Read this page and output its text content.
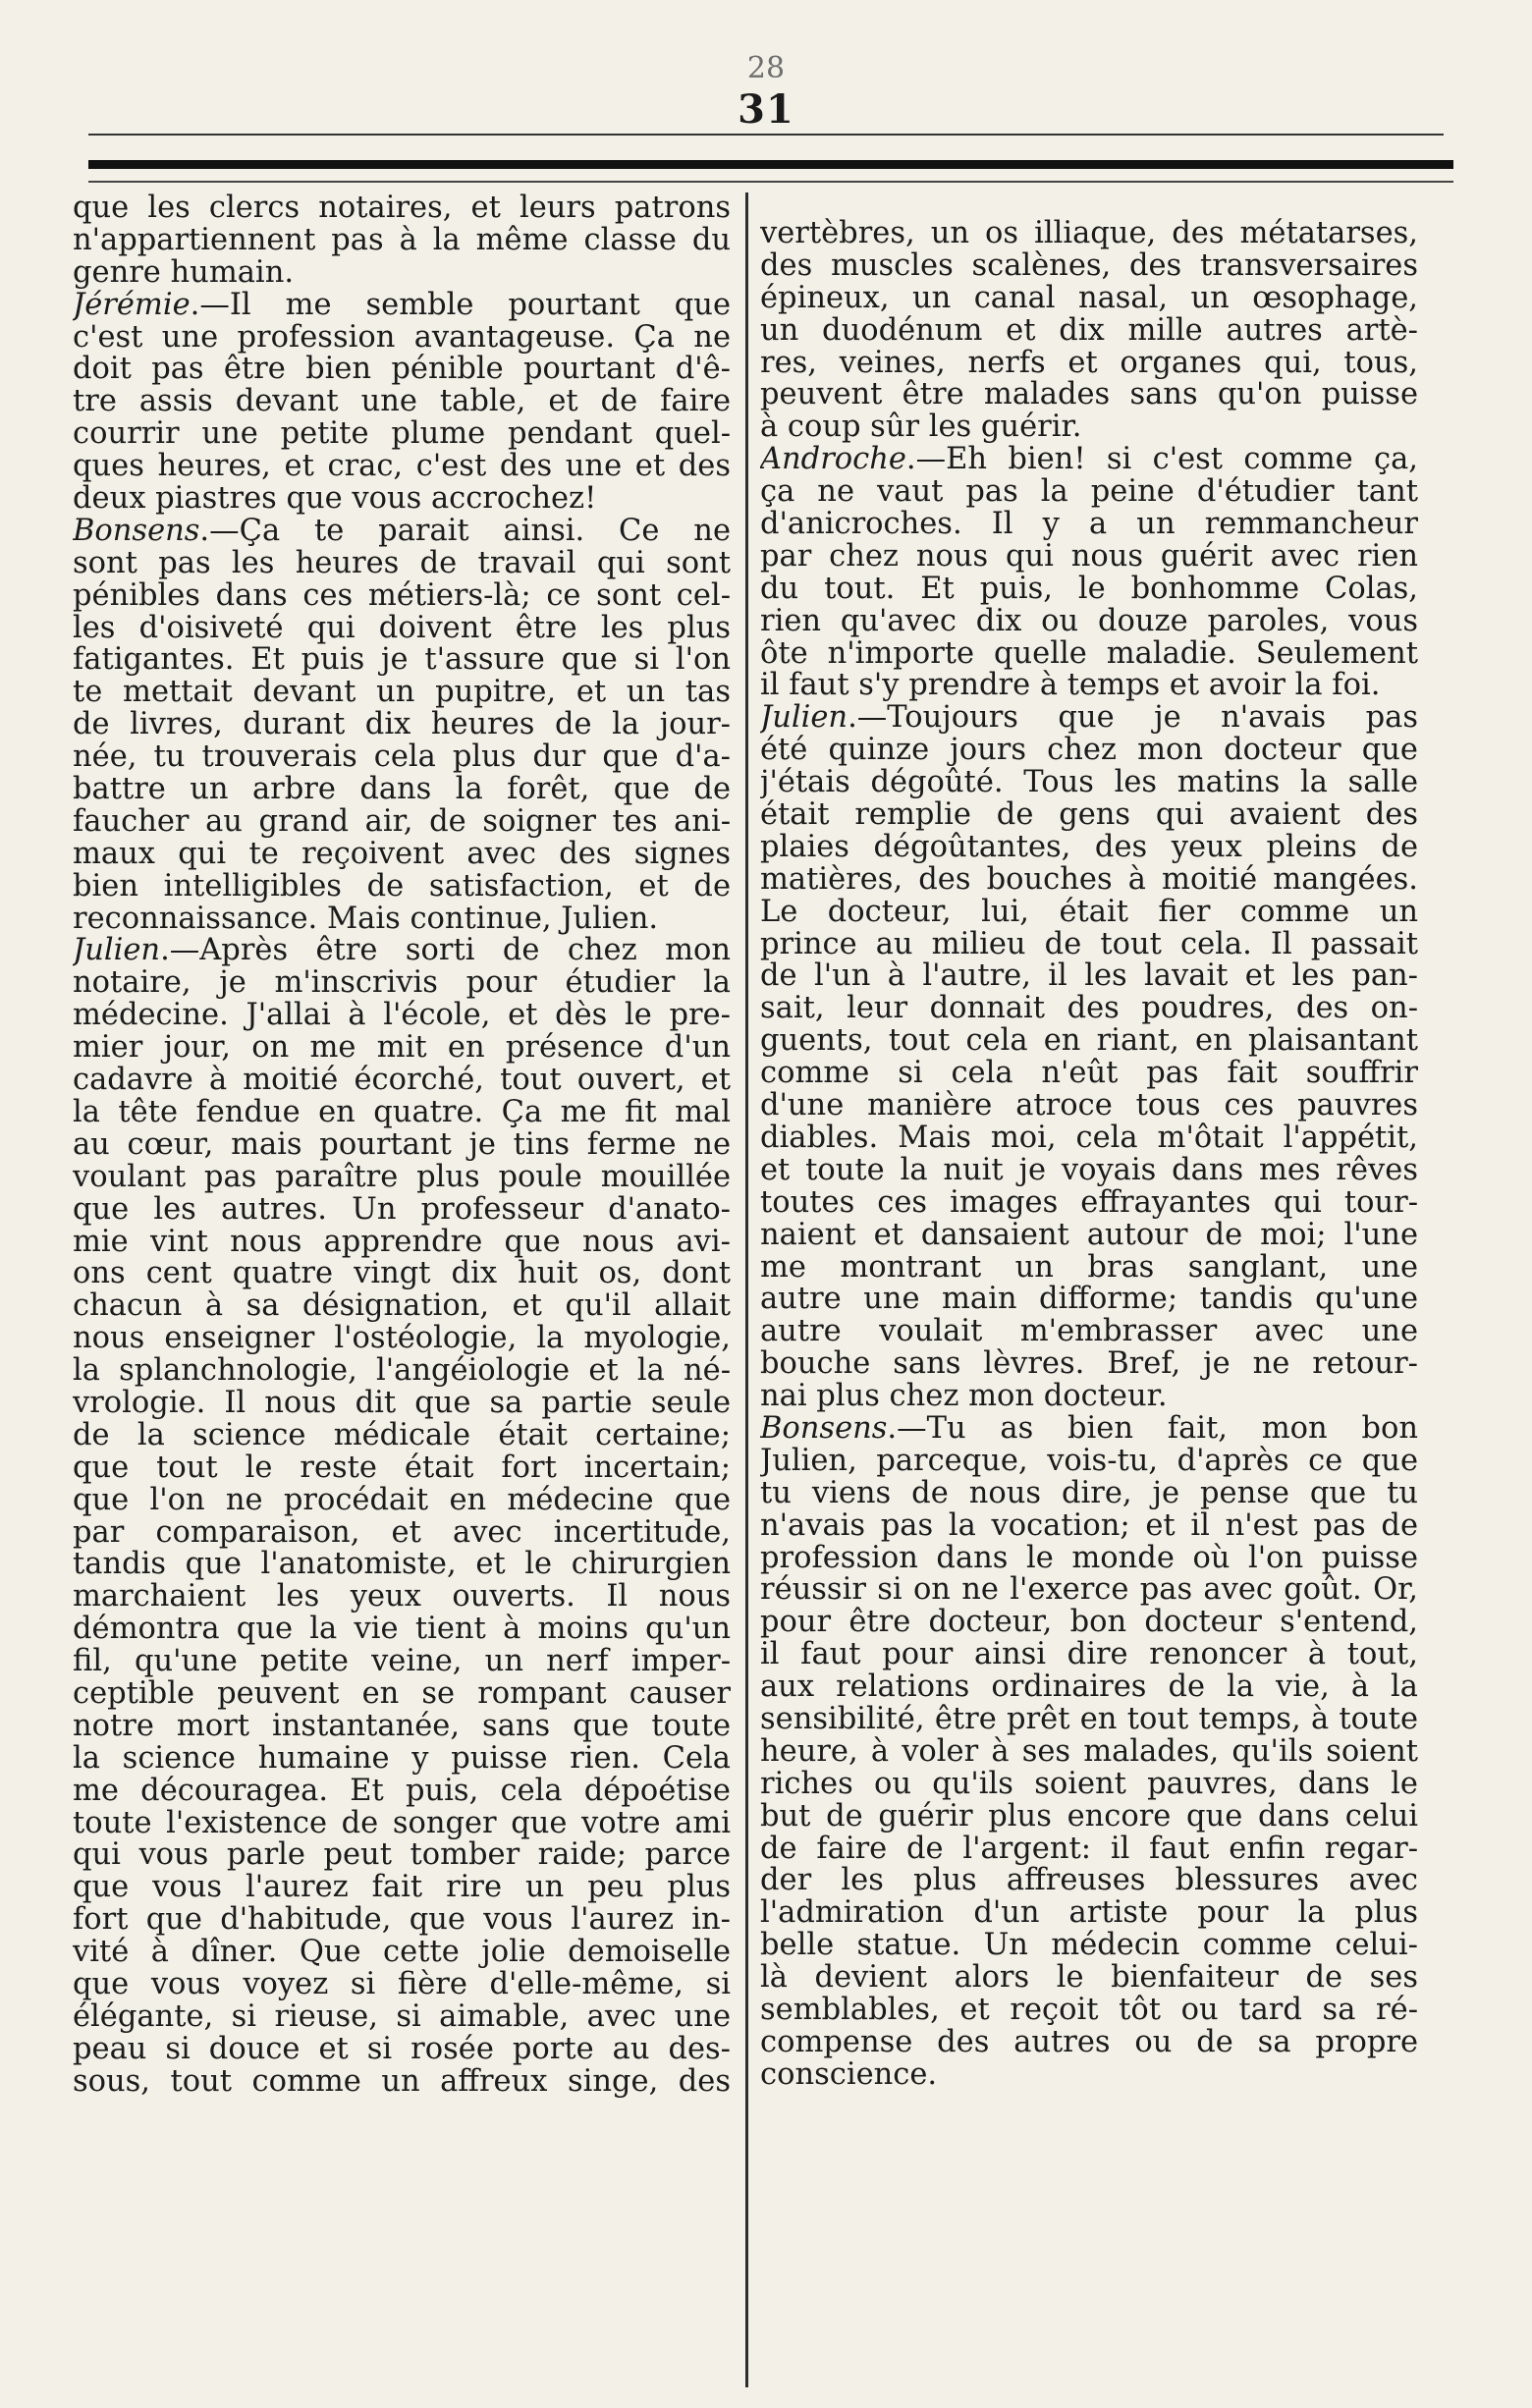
28
31
que les clercs notaires, et leurs patrons
n'appartiennent pas à la même classe du
genre humain.
Jérémie.—Il me semble pourtant que
c'est une profession avantageuse. Ça ne
doit pas être bien pénible pourtant d'ê-
tre assis devant une table, et de faire
courrir une petite plume pendant quel-
ques heures, et crac, c'est des une et des
deux piastres que vous accrochez!
Bonsens.—Ça te parait ainsi. Ce ne
sont pas les heures de travail qui sont
pénibles dans ces métiers-là; ce sont cel-
les d'oisiveté qui doivent être les plus
fatigantes. Et puis je t'assure que si l'on
te mettait devant un pupitre, et un tas
de livres, durant dix heures de la jour-
née, tu trouverais cela plus dur que d'a-
battre un arbre dans la forêt, que de
faucher au grand air, de soigner tes ani-
maux qui te reçoivent avec des signes
bien intelligibles de satisfaction, et de
reconnaissance. Mais continue, Julien.
Julien.—Après être sorti de chez mon
notaire, je m'inscrivis pour étudier la
médecine. J'allai à l'école, et dès le pre-
mier jour, on me mit en présence d'un
cadavre à moitié écorché, tout ouvert, et
la tête fendue en quatre. Ça me fit mal
au cœur, mais pourtant je tins ferme ne
voulant pas paraître plus poule mouillée
que les autres. Un professeur d'anato-
mie vint nous apprendre que nous avi-
ons cent quatre vingt dix huit os, dont
chacun à sa désignation, et qu'il allait
nous enseigner l'ostéologie, la myologie,
la splanchnologie, l'angéiologie et la né-
vrologie. Il nous dit que sa partie seule
de la science médicale était certaine;
que tout le reste était fort incertain;
que l'on ne procédait en médecine que
par comparaison, et avec incertitude,
tandis que l'anatomiste, et le chirurgien
marchaient les yeux ouverts. Il nous
démontra que la vie tient à moins qu'un
fil, qu'une petite veine, un nerf imper-
ceptible peuvent en se rompant causer
notre mort instantanée, sans que toute
la science humaine y puisse rien. Cela
me découragea. Et puis, cela dépoétise
toute l'existence de songer que votre ami
qui vous parle peut tomber raide; parce
que vous l'aurez fait rire un peu plus
fort que d'habitude, que vous l'aurez in-
vité à dîner. Que cette jolie demoiselle
que vous voyez si fière d'elle-même, si
élégante, si rieuse, si aimable, avec une
peau si douce et si rosée porte au des-
sous, tout comme un affreux singe, des
vertèbres, un os illiaque, des métatarses,
des muscles scalènes, des transversaires
épineux, un canal nasal, un œsophage,
un duodénum et dix mille autres artè-
res, veines, nerfs et organes qui, tous,
peuvent être malades sans qu'on puisse
à coup sûr les guérir.
Androche.—Eh bien! si c'est comme ça,
ça ne vaut pas la peine d'étudier tant
d'anicroches. Il y a un remmancheur
par chez nous qui nous guérit avec rien
du tout. Et puis, le bonhomme Colas,
rien qu'avec dix ou douze paroles, vous
ôte n'importe quelle maladie. Seulement
il faut s'y prendre à temps et avoir la foi.
Julien.—Toujours que je n'avais pas
été quinze jours chez mon docteur que
j'étais dégoûté. Tous les matins la salle
était remplie de gens qui avaient des
plaies dégoûtantes, des yeux pleins de
matières, des bouches à moitié mangées.
Le docteur, lui, était fier comme un
prince au milieu de tout cela. Il passait
de l'un à l'autre, il les lavait et les pan-
sait, leur donnait des poudres, des on-
guents, tout cela en riant, en plaisantant
comme si cela n'eût pas fait souffrir
d'une manière atroce tous ces pauvres
diables. Mais moi, cela m'ôtait l'appétit,
et toute la nuit je voyais dans mes rêves
toutes ces images effrayantes qui tour-
naient et dansaient autour de moi; l'une
me montrant un bras sanglant, une
autre une main difforme; tandis qu'une
autre voulait m'embrasser avec une
bouche sans lèvres. Bref, je ne retour-
nai plus chez mon docteur.
Bonsens.—Tu as bien fait, mon bon
Julien, parceque, vois-tu, d'après ce que
tu viens de nous dire, je pense que tu
n'avais pas la vocation; et il n'est pas de
profession dans le monde où l'on puisse
réussir si on ne l'exerce pas avec goût. Or,
pour être docteur, bon docteur s'entend,
il faut pour ainsi dire renoncer à tout,
aux relations ordinaires de la vie, à la
sensibilité, être prêt en tout temps, à toute
heure, à voler à ses malades, qu'ils soient
riches ou qu'ils soient pauvres, dans le
but de guérir plus encore que dans celui
de faire de l'argent: il faut enfin regar-
der les plus affreuses blessures avec
l'admiration d'un artiste pour la plus
belle statue. Un médecin comme celui-
là devient alors le bienfaiteur de ses
semblables, et reçoit tôt ou tard sa ré-
compense des autres ou de sa propre
conscience.
